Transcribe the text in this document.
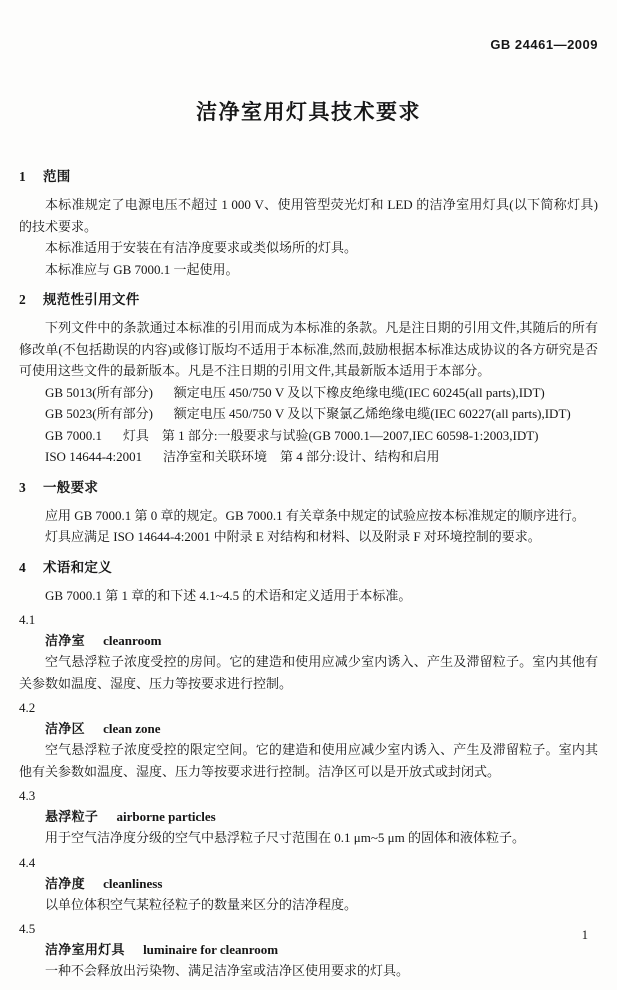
GB 24461—2009
洁净室用灯具技术要求
1 范围

本标准规定了电源电压不超过 1 000 V、使用管型荧光灯和 LED 的洁净室用灯具(以下简称灯具)的技术要求。

本标准适用于安装在有洁净度要求或类似场所的灯具。

本标准应与 GB 7000.1 一起使用。

2 规范性引用文件

下列文件中的条款通过本标准的引用而成为本标准的条款。凡是注日期的引用文件,其随后的所有修改单(不包括勘误的内容)或修订版均不适用于本标准,然而,鼓励根据本标准达成协议的各方研究是否可使用这些文件的最新版本。凡是不注日期的引用文件,其最新版本适用于本部分。

GB 5013(所有部分) 额定电压 450/750 V 及以下橡皮绝缘电缆(IEC 60245(all parts),IDT)

GB 5023(所有部分) 额定电压 450/750 V 及以下聚氯乙烯绝缘电缆(IEC 60227(all parts),IDT)

GB 7000.1 灯具　第 1 部分:一般要求与试验(GB 7000.1—2007,IEC 60598-1:2003,IDT)

ISO 14644-4:2001 洁净室和关联环境　第 4 部分:设计、结构和启用

3 一般要求

应用 GB 7000.1 第 0 章的规定。GB 7000.1 有关章条中规定的试验应按本标准规定的顺序进行。

灯具应满足 ISO 14644-4:2001 中附录 E 对结构和材料、以及附录 F 对环境控制的要求。

4 术语和定义

GB 7000.1 第 1 章的和下述 4.1~4.5 的术语和定义适用于本标准。

4.1
洁净室 cleanroom

空气悬浮粒子浓度受控的房间。它的建造和使用应减少室内诱入、产生及滞留粒子。室内其他有关参数如温度、湿度、压力等按要求进行控制。

4.2
洁净区 clean zone

空气悬浮粒子浓度受控的限定空间。它的建造和使用应减少室内诱入、产生及滞留粒子。室内其他有关参数如温度、湿度、压力等按要求进行控制。洁净区可以是开放式或封闭式。

4.3
悬浮粒子 airborne particles

用于空气洁净度分级的空气中悬浮粒子尺寸范围在 0.1 μm~5 μm 的固体和液体粒子。

4.4
洁净度 cleanliness

以单位体积空气某粒径粒子的数量来区分的洁净程度。

4.5
洁净室用灯具 luminaire for cleanroom

一种不会释放出污染物、满足洁净室或洁净区使用要求的灯具。

1
